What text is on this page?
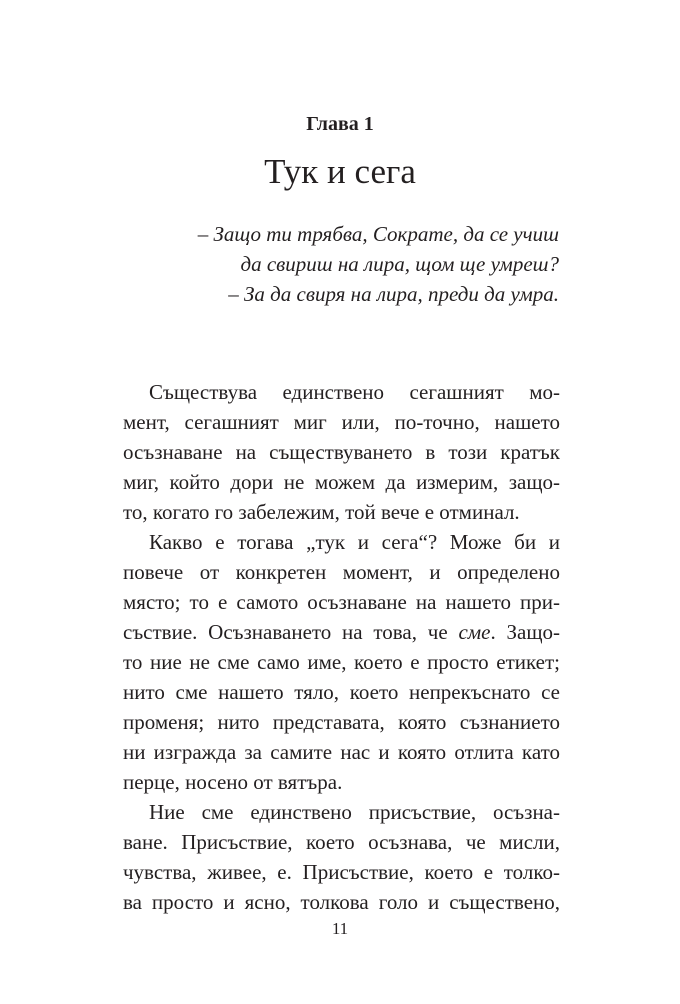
Глава 1
Тук и сега

– Защо ти трябва, Сократе, да се учиш

да свириш на лира, щом ще умреш?

– За да свиря на лира, преди да умра.

Съществува единствено сегашният мо-
мент, сегашният миг или, по-точно, нашето
осъзнаване на съществуването в този кратък
миг, който дори не можем да измерим, защо-
то, когато го забележим, той вече е отминал.
Какво е тогава „тук и сега“? Може би и
повече от конкретен момент, и определено
място; то е самото осъзнаване на нашето при-
съствие. Осъзнаването на това, че сме. Защо-
то ние не сме само име, което е просто етикет;
нито сме нашето тяло, което непрекъснато се
променя; нито представата, която съзнанието
ни изгражда за самите нас и която отлита като
перце, носено от вятъра.
Ние сме единствено присъствие, осъзна-
ване. Присъствие, което осъзнава, че мисли,
чувства, живее, е. Присъствие, което е толко-
ва просто и ясно, толкова голо и съществено,
11
